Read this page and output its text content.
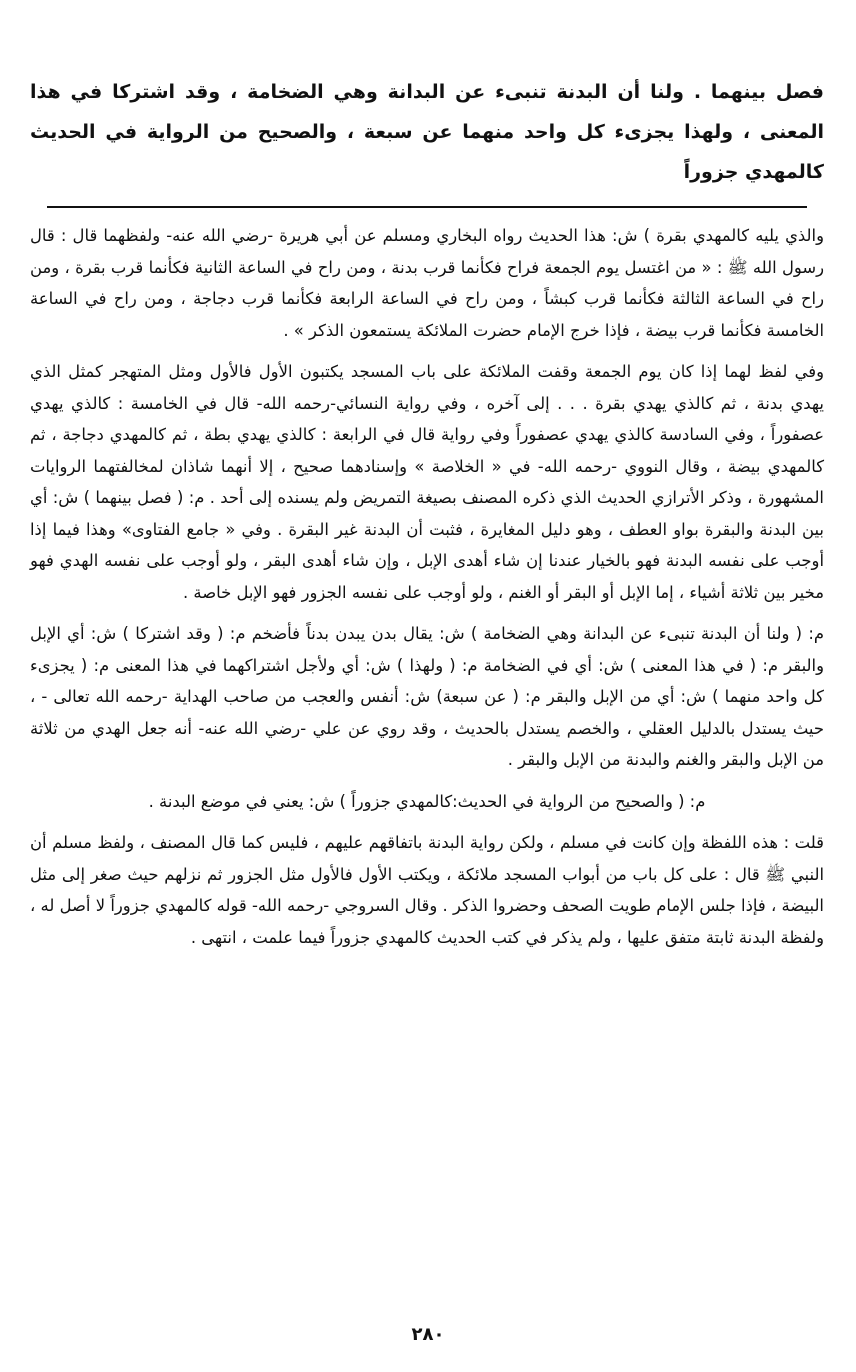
فصل بينهما . ولنا أن البدنة تنبىء عن البدانة وهي الضخامة ، وقد اشتركا في هذا المعنى ، ولهذا يجزىء كل واحد منهما عن سبعة ، والصحيح من الرواية في الحديث كالمهدي جزوراً

والذي يليه كالمهدي بقرة ) ش: هذا الحديث رواه البخاري ومسلم عن أبي هريرة -رضي الله عنه- ولفظهما قال : قال رسول الله ﷺ : « من اغتسل يوم الجمعة فراح فكأنما قرب بدنة ، ومن راح في الساعة الثانية فكأنما قرب بقرة ، ومن راح في الساعة الثالثة فكأنما قرب كبشاً ، ومن راح في الساعة الرابعة فكأنما قرب دجاجة ، ومن راح في الساعة الخامسة فكأنما قرب بيضة ، فإذا خرج الإمام حضرت الملائكة يستمعون الذكر » .

وفي لفظ لهما إذا كان يوم الجمعة وقفت الملائكة على باب المسجد يكتبون الأول فالأول ومثل المتهجر كمثل الذي يهدي بدنة ، ثم كالذي يهدي بقرة . . . إلى آخره ، وفي رواية النسائي-رحمه الله- قال في الخامسة : كالذي يهدي عصفوراً ، وفي السادسة كالذي يهدي عصفوراً وفي رواية قال في الرابعة : كالذي يهدي بطة ، ثم كالمهدي دجاجة ، ثم كالمهدي بيضة ، وقال النووي -رحمه الله- في « الخلاصة » وإسنادهما صحيح ، إلا أنهما شاذان لمخالفتهما الروايات المشهورة ، وذكر الأترازي الحديث الذي ذكره المصنف بصيغة التمريض ولم يسنده إلى أحد . م: ( فصل بينهما ) ش: أي بين البدنة والبقرة بواو العطف ، وهو دليل المغايرة ، فثبت أن البدنة غير البقرة . وفي « جامع الفتاوى» وهذا فيما إذا أوجب على نفسه البدنة فهو بالخيار عندنا إن شاء أهدى الإبل ، وإن شاء أهدى البقر ، ولو أوجب على نفسه الهدي فهو مخير بين ثلاثة أشياء ، إما الإبل أو البقر أو الغنم ، ولو أوجب على نفسه الجزور فهو الإبل خاصة .

م: ( ولنا أن البدنة تنبىء عن البدانة وهي الضخامة ) ش: يقال بدن يبدن بدناً فأضخم م: ( وقد اشتركا ) ش: أي الإبل والبقر م: ( في هذا المعنى ) ش: أي في الضخامة م: ( ولهذا ) ش: أي ولأجل اشتراكهما في هذا المعنى م: ( يجزىء كل واحد منهما ) ش: أي من الإبل والبقر م: ( عن سبعة) ش: أنفس والعجب من صاحب الهداية -رحمه الله تعالى - ، حيث يستدل بالدليل العقلي ، والخصم يستدل بالحديث ، وقد روي عن علي -رضي الله عنه- أنه جعل الهدي من ثلاثة من الإبل والبقر والغنم والبدنة من الإبل والبقر .

م: ( والصحيح من الرواية في الحديث:كالمهدي جزوراً ) ش: يعني في موضع البدنة .

قلت : هذه اللفظة وإن كانت في مسلم ، ولكن رواية البدنة باتفاقهم عليهم ، فليس كما قال المصنف ، ولفظ مسلم أن النبي ﷺ قال : على كل باب من أبواب المسجد ملائكة ، ويكتب الأول فالأول مثل الجزور ثم نزلهم حيث صغر إلى مثل البيضة ، فإذا جلس الإمام طويت الصحف وحضروا الذكر . وقال السروجي -رحمه الله- قوله كالمهدي جزوراً لا أصل له ، ولفظة البدنة ثابتة متفق عليها ، ولم يذكر في كتب الحديث كالمهدي جزوراً فيما علمت ، انتهى .

٢٨٠
